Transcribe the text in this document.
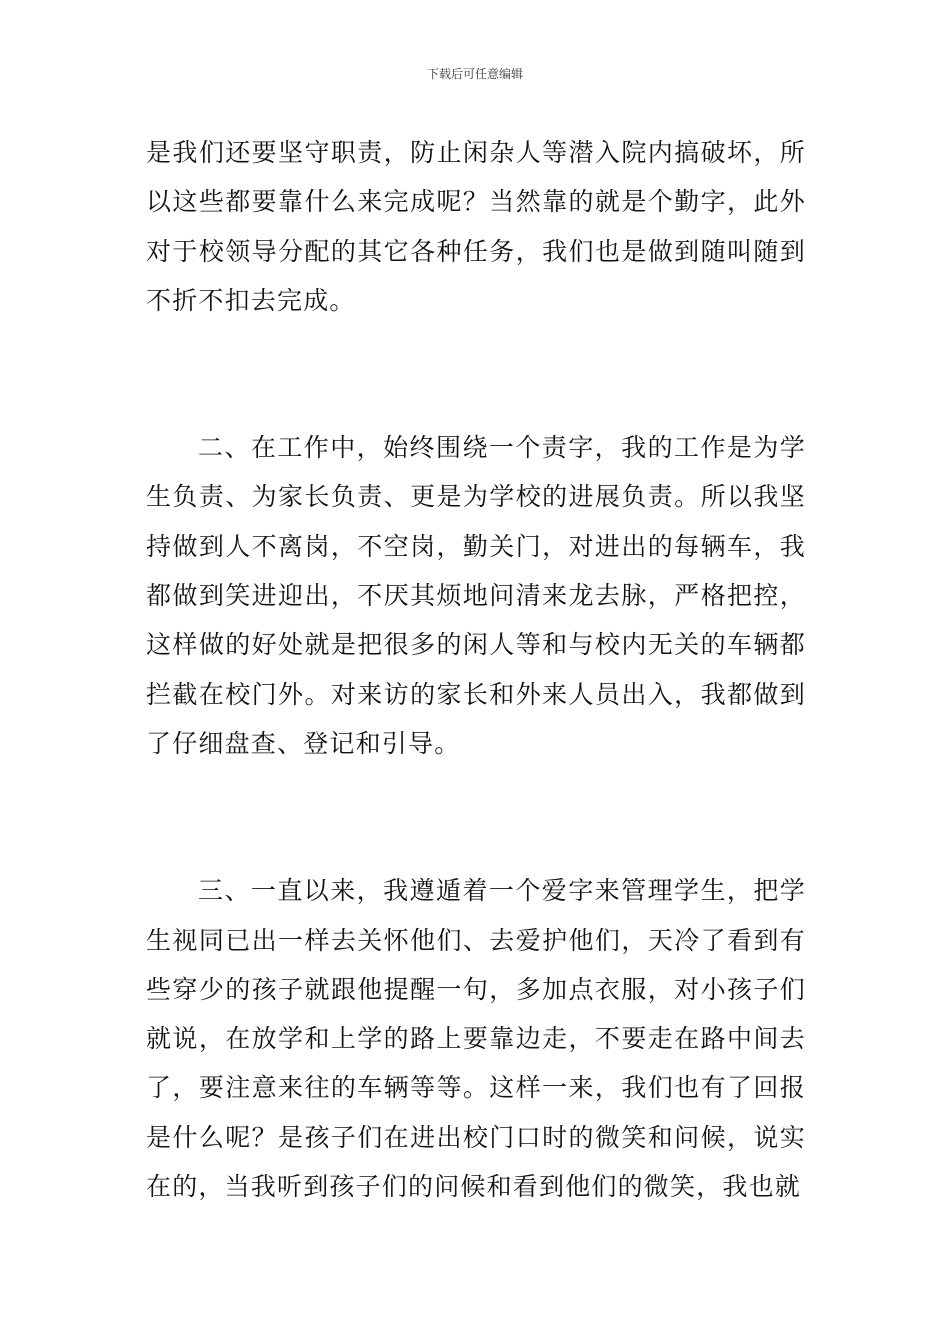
下载后可任意编辑

是我们还要坚守职责，防止闲杂人等潜入院内搞破坏，所以这些都要靠什么来完成呢？当然靠的就是个勤字，此外对于校领导分配的其它各种任务，我们也是做到随叫随到不折不扣去完成。

二、在工作中，始终围绕一个责字，我的工作是为学生负责、为家长负责、更是为学校的进展负责。所以我坚持做到人不离岗，不空岗，勤关门，对进出的每辆车，我都做到笑进迎出，不厌其烦地问清来龙去脉，严格把控，这样做的好处就是把很多的闲人等和与校内无关的车辆都拦截在校门外。对来访的家长和外来人员出入，我都做到了仔细盘查、登记和引导。

三、一直以来，我遵遁着一个爱字来管理学生，把学生视同已出一样去关怀他们、去爱护他们，天冷了看到有些穿少的孩子就跟他提醒一句，多加点衣服，对小孩子们就说，在放学和上学的路上要靠边走，不要走在路中间去了，要注意来往的车辆等等。这样一来，我们也有了回报是什么呢？是孩子们在进出校门口时的微笑和问候，说实在的，当我听到孩子们的问候和看到他们的微笑，我也就
